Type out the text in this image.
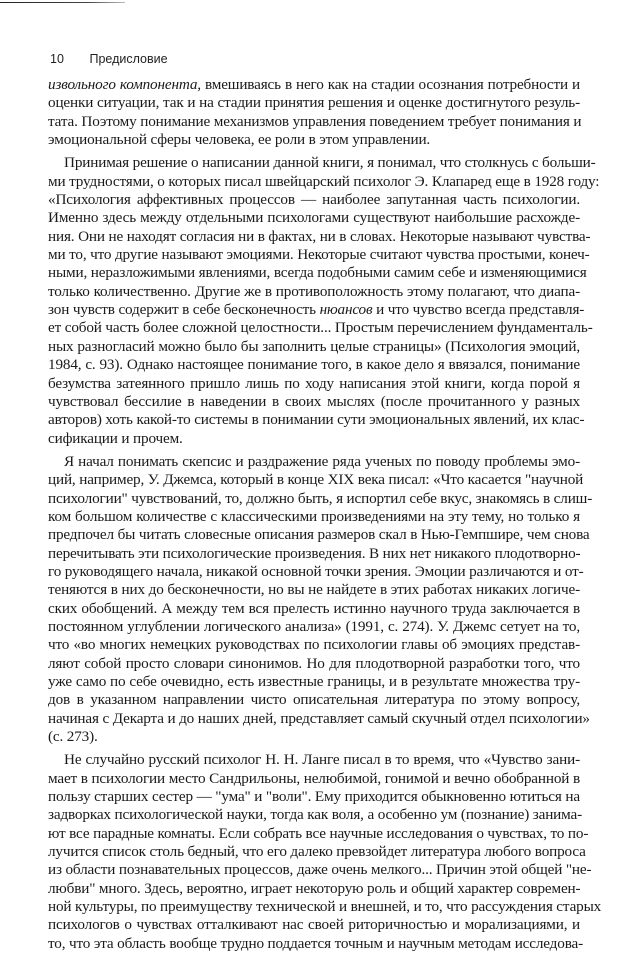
10 Предисловие
извольного компонента, вмешиваясь в него как на стадии осознания потребности и
оценки ситуации, так и на стадии принятия решения и оценке достигнутого резуль-
тата. Поэтому понимание механизмов управления поведением требует понимания и
эмоциональной сферы человека, ее роли в этом управлении.
Принимая решение о написании данной книги, я понимал, что столкнусь с больши-
ми трудностями, о которых писал швейцарский психолог Э. Клапаред еще в 1928 году:
«Психология аффективных процессов — наиболее запутанная часть психологии.
Именно здесь между отдельными психологами существуют наибольшие расхожде-
ния. Они не находят согласия ни в фактах, ни в словах. Некоторые называют чувства-
ми то, что другие называют эмоциями. Некоторые считают чувства простыми, конеч-
ными, неразложимыми явлениями, всегда подобными самим себе и изменяющимися
только количественно. Другие же в противоположность этому полагают, что диапа-
зон чувств содержит в себе бесконечность нюансов и что чувство всегда представля-
ет собой часть более сложной целостности... Простым перечислением фундаменталь-
ных разногласий можно было бы заполнить целые страницы» (Психология эмоций,
1984, с. 93). Однако настоящее понимание того, в какое дело я ввязался, понимание
безумства затеянного пришло лишь по ходу написания этой книги, когда порой я
чувствовал бессилие в наведении в своих мыслях (после прочитанного у разных
авторов) хоть какой-то системы в понимании сути эмоциональных явлений, их клас-
сификации и прочем.
Я начал понимать скепсис и раздражение ряда ученых по поводу проблемы эмо-
ций, например, У. Джемса, который в конце XIX века писал: «Что касается "научной
психологии" чувствований, то, должно быть, я испортил себе вкус, знакомясь в слиш-
ком большом количестве с классическими произведениями на эту тему, но только я
предпочел бы читать словесные описания размеров скал в Нью-Гемпшире, чем снова
перечитывать эти психологические произведения. В них нет никакого плодотворно-
го руководящего начала, никакой основной точки зрения. Эмоции различаются и от-
теняются в них до бесконечности, но вы не найдете в этих работах никаких логиче-
ских обобщений. А между тем вся прелесть истинно научного труда заключается в
постоянном углублении логического анализа» (1991, с. 274). У. Джемс сетует на то,
что «во многих немецких руководствах по психологии главы об эмоциях представ-
ляют собой просто словари синонимов. Но для плодотворной разработки того, что
уже само по себе очевидно, есть известные границы, и в результате множества тру-
дов в указанном направлении чисто описательная литература по этому вопросу,
начиная с Декарта и до наших дней, представляет самый скучный отдел психологии»
(с. 273).
Не случайно русский психолог Н. Н. Ланге писал в то время, что «Чувство зани-
мает в психологии место Сандрильоны, нелюбимой, гонимой и вечно обобранной в
пользу старших сестер — "ума" и "воли". Ему приходится обыкновенно ютиться на
задворках психологической науки, тогда как воля, а особенно ум (познание) занима-
ют все парадные комнаты. Если собрать все научные исследования о чувствах, то по-
лучится список столь бедный, что его далеко превзойдет литература любого вопроса
из области познавательных процессов, даже очень мелкого... Причин этой общей "не-
любви" много. Здесь, вероятно, играет некоторую роль и общий характер современ-
ной культуры, по преимуществу технической и внешней, и то, что рассуждения старых
психологов о чувствах отталкивают нас своей риторичностью и морализациями, и
то, что эта область вообще трудно поддается точным и научным методам исследова-
